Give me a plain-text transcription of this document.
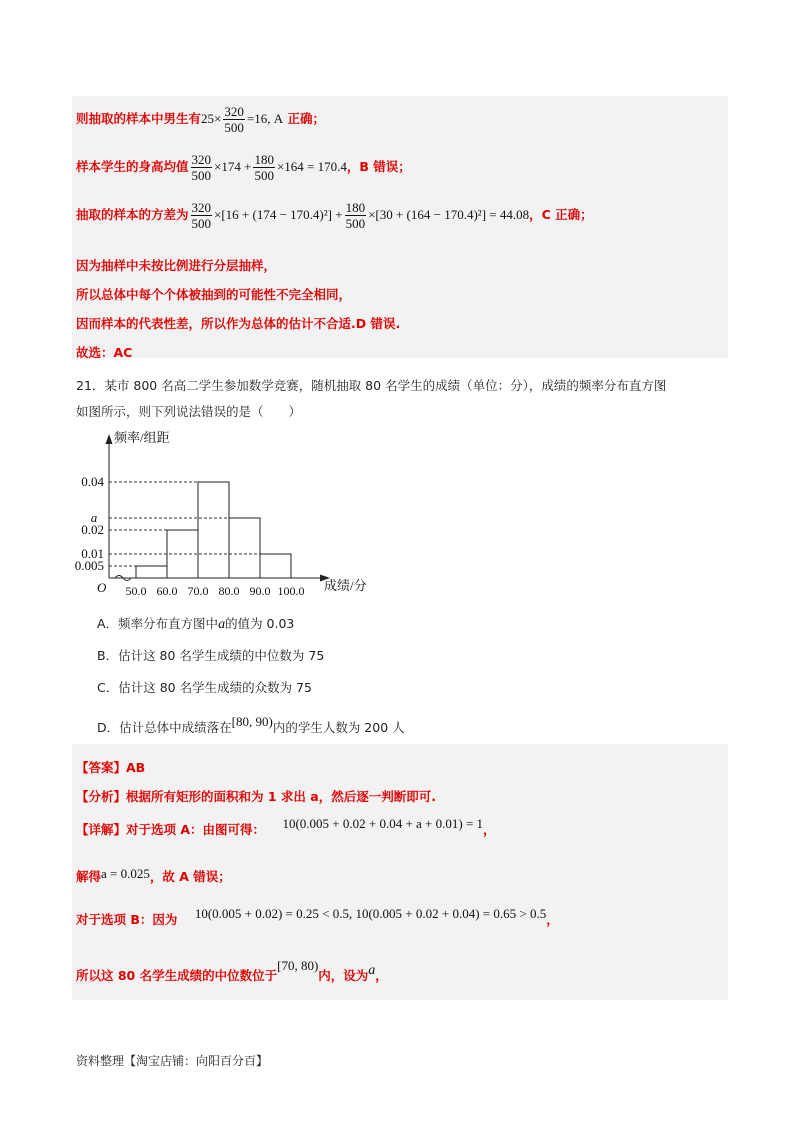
则抽取的样本中男生有$25\times \frac{320}{500} =16$, A 正确；
样本学生的身高均值 $\frac{320}{500} \times 174 + \frac{180}{500} \times 164 = 170.4$，B 错误；
抽取的样本的方差为 $\frac{320}{500} \times[16 + (174 - 170.4)^2] + \frac{180}{500} \times[30 + (164 - 170.4)^2] = 44.08$，C 正确；
因为抽样中未按比例进行分层抽样，
所以总体中每个个体被抽到的可能性不完全相同，
因而样本的代表性差，所以作为总体的估计不合适.D 错误.
故选：AC
21．某市 800 名高二学生参加数学竞赛，随机抽取 80 名学生的成绩（单位：分），成绩的频率分布直方图
如图所示，则下列说法错误的是（　　）
0.04
a
0.02
0.01
0.005
50.0 60.0 70.0 80.0 90.0 100.0
O
频率/组距
成绩/分
A．频率分布直方图中a的值为 0.03
B．估计这 80 名学生成绩的中位数为 75
C．估计这 80 名学生成绩的众数为 75
D．估计总体中成绩落在[80, 90)内的学生人数为 200 人
【答案】AB
【分析】根据所有矩形的面积和为 1 求出 a，然后逐一判断即可.
【详解】对于选项 A：由图可得： 10(0.005 + 0.02 + 0.04 + a + 0.01) = 1，
解得a = 0.025，故 A 错误；
对于选项 B：因为 10(0.005 + 0.02) = 0.25 < 0.5, 10(0.005 + 0.02 + 0.04) = 0.65 > 0.5，
所以这 80 名学生成绩的中位数位于[70, 80)内，设为a，
资料整理【淘宝店铺：向阳百分百】
